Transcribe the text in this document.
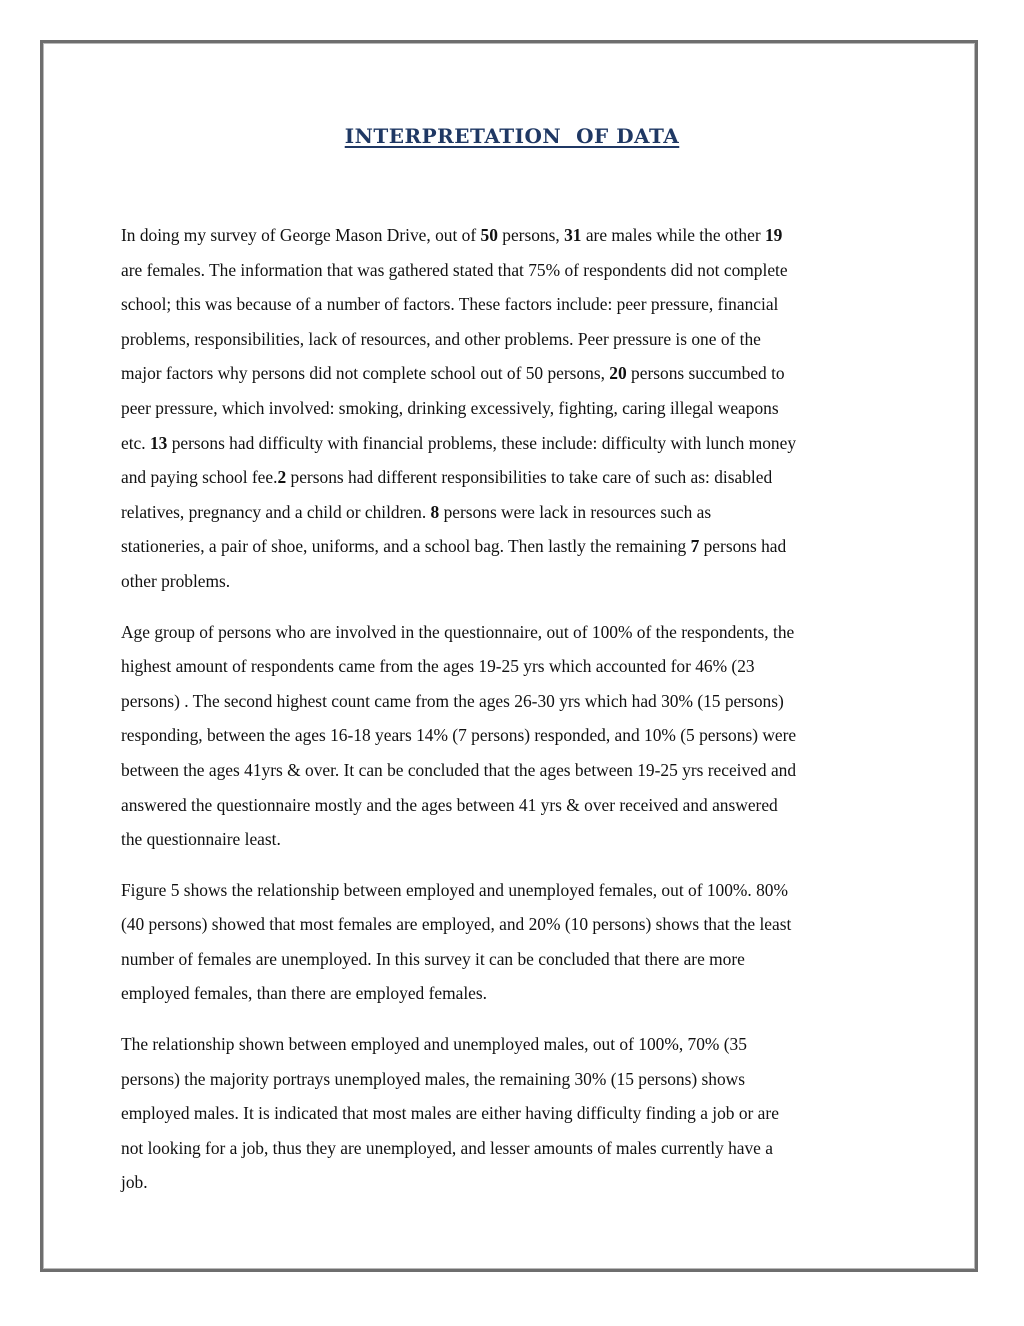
INTERPRETATION  OF DATA
In doing my survey of George Mason Drive, out of 50 persons, 31 are males while the other 19
are females. The information that was gathered stated that 75% of respondents did not complete
school; this was because of a number of factors. These factors include: peer pressure, financial
problems, responsibilities, lack of resources, and other problems. Peer pressure is one of the
major factors why persons did not complete school out of 50 persons, 20 persons succumbed to
peer pressure, which involved: smoking, drinking excessively, fighting, caring illegal weapons
etc. 13 persons had difficulty with financial problems, these include: difficulty with lunch money
and paying school fee.2 persons had different responsibilities to take care of such as: disabled
relatives, pregnancy and a child or children. 8 persons were lack in resources such as
stationeries, a pair of shoe, uniforms, and a school bag. Then lastly the remaining 7 persons had
other problems.
Age group of persons who are involved in the questionnaire, out of 100% of the respondents, the
highest amount of respondents came from the ages 19-25 yrs which accounted for 46% (23
persons) . The second highest count came from the ages 26-30 yrs which had 30% (15 persons)
responding, between the ages 16-18 years 14% (7 persons) responded, and 10% (5 persons) were
between the ages 41yrs & over. It can be concluded that the ages between 19-25 yrs received and
answered the questionnaire mostly and the ages between 41 yrs & over received and answered
the questionnaire least.
Figure 5 shows the relationship between employed and unemployed females, out of 100%. 80%
(40 persons) showed that most females are employed, and 20% (10 persons) shows that the least
number of females are unemployed. In this survey it can be concluded that there are more
employed females, than there are employed females.
The relationship shown between employed and unemployed males, out of 100%, 70% (35
persons) the majority portrays unemployed males, the remaining 30% (15 persons) shows
employed males. It is indicated that most males are either having difficulty finding a job or are
not looking for a job, thus they are unemployed, and lesser amounts of males currently have a
job.
